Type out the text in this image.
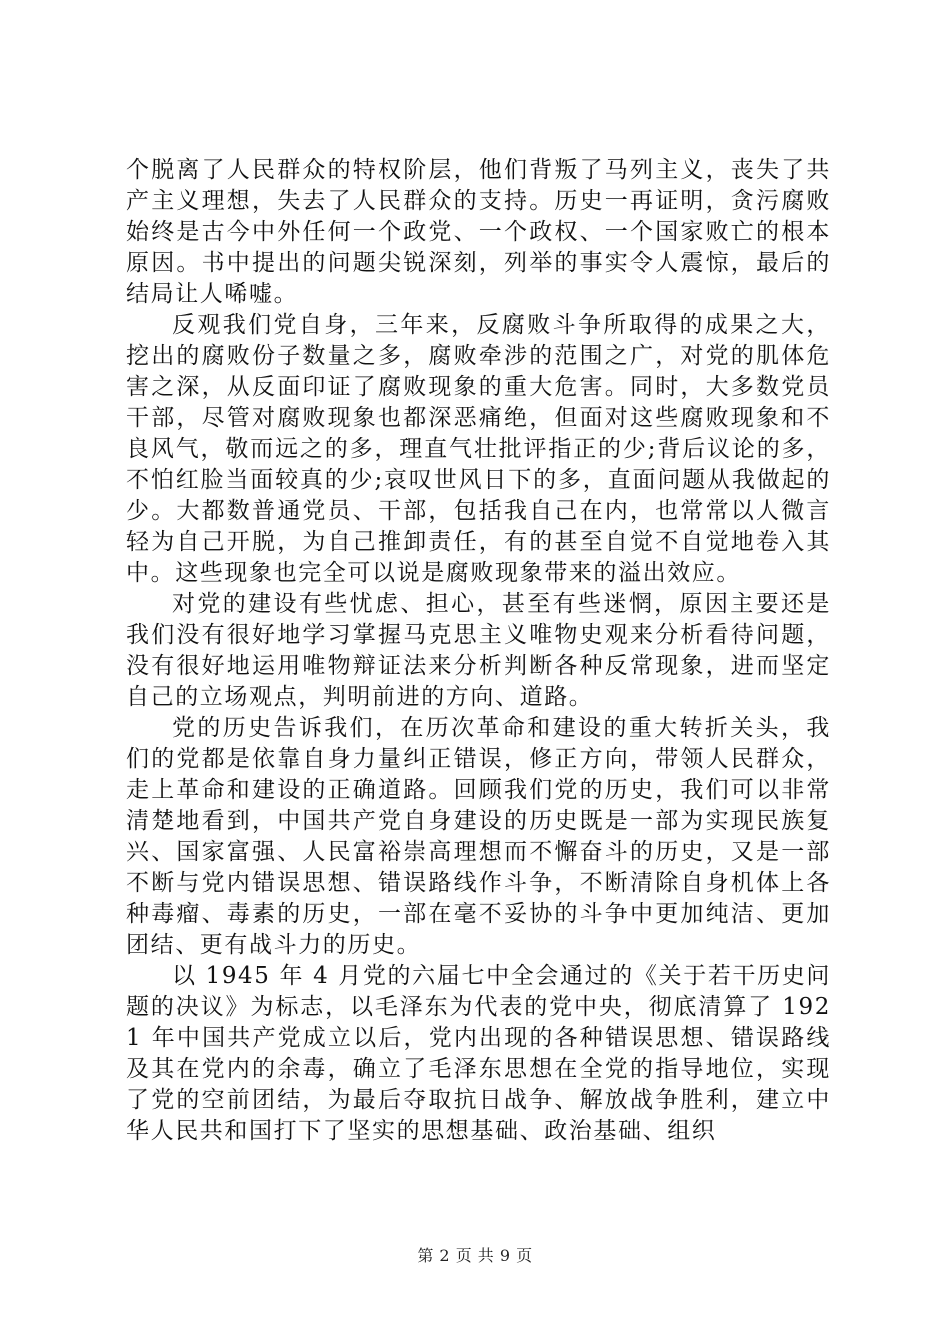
个脱离了人民群众的特权阶层，他们背叛了马列主义，丧失了共产主义理想，失去了人民群众的支持。历史一再证明，贪污腐败始终是古今中外任何一个政党、一个政权、一个国家败亡的根本原因。书中提出的问题尖锐深刻，列举的事实令人震惊，最后的结局让人唏嘘。

反观我们党自身，三年来，反腐败斗争所取得的成果之大，挖出的腐败份子数量之多，腐败牵涉的范围之广，对党的肌体危害之深，从反面印证了腐败现象的重大危害。同时，大多数党员干部，尽管对腐败现象也都深恶痛绝，但面对这些腐败现象和不良风气，敬而远之的多，理直气壮批评指正的少;背后议论的多，不怕红脸当面较真的少;哀叹世风日下的多，直面问题从我做起的少。大都数普通党员、干部，包括我自己在内，也常常以人微言轻为自己开脱，为自己推卸责任，有的甚至自觉不自觉地卷入其中。这些现象也完全可以说是腐败现象带来的溢出效应。

对党的建设有些忧虑、担心，甚至有些迷惘，原因主要还是我们没有很好地学习掌握马克思主义唯物史观来分析看待问题，没有很好地运用唯物辩证法来分析判断各种反常现象，进而坚定自己的立场观点，判明前进的方向、道路。

党的历史告诉我们，在历次革命和建设的重大转折关头，我们的党都是依靠自身力量纠正错误，修正方向，带领人民群众，走上革命和建设的正确道路。回顾我们党的历史，我们可以非常清楚地看到，中国共产党自身建设的历史既是一部为实现民族复兴、国家富强、人民富裕崇高理想而不懈奋斗的历史，又是一部不断与党内错误思想、错误路线作斗争，不断清除自身机体上各种毒瘤、毒素的历史，一部在毫不妥协的斗争中更加纯洁、更加团结、更有战斗力的历史。

以 1945 年 4 月党的六届七中全会通过的《关于若干历史问题的决议》为标志，以毛泽东为代表的党中央，彻底清算了 1921 年中国共产党成立以后，党内出现的各种错误思想、错误路线及其在党内的余毒，确立了毛泽东思想在全党的指导地位，实现了党的空前团结，为最后夺取抗日战争、解放战争胜利，建立中华人民共和国打下了坚实的思想基础、政治基础、组织

第 2 页 共 9 页
